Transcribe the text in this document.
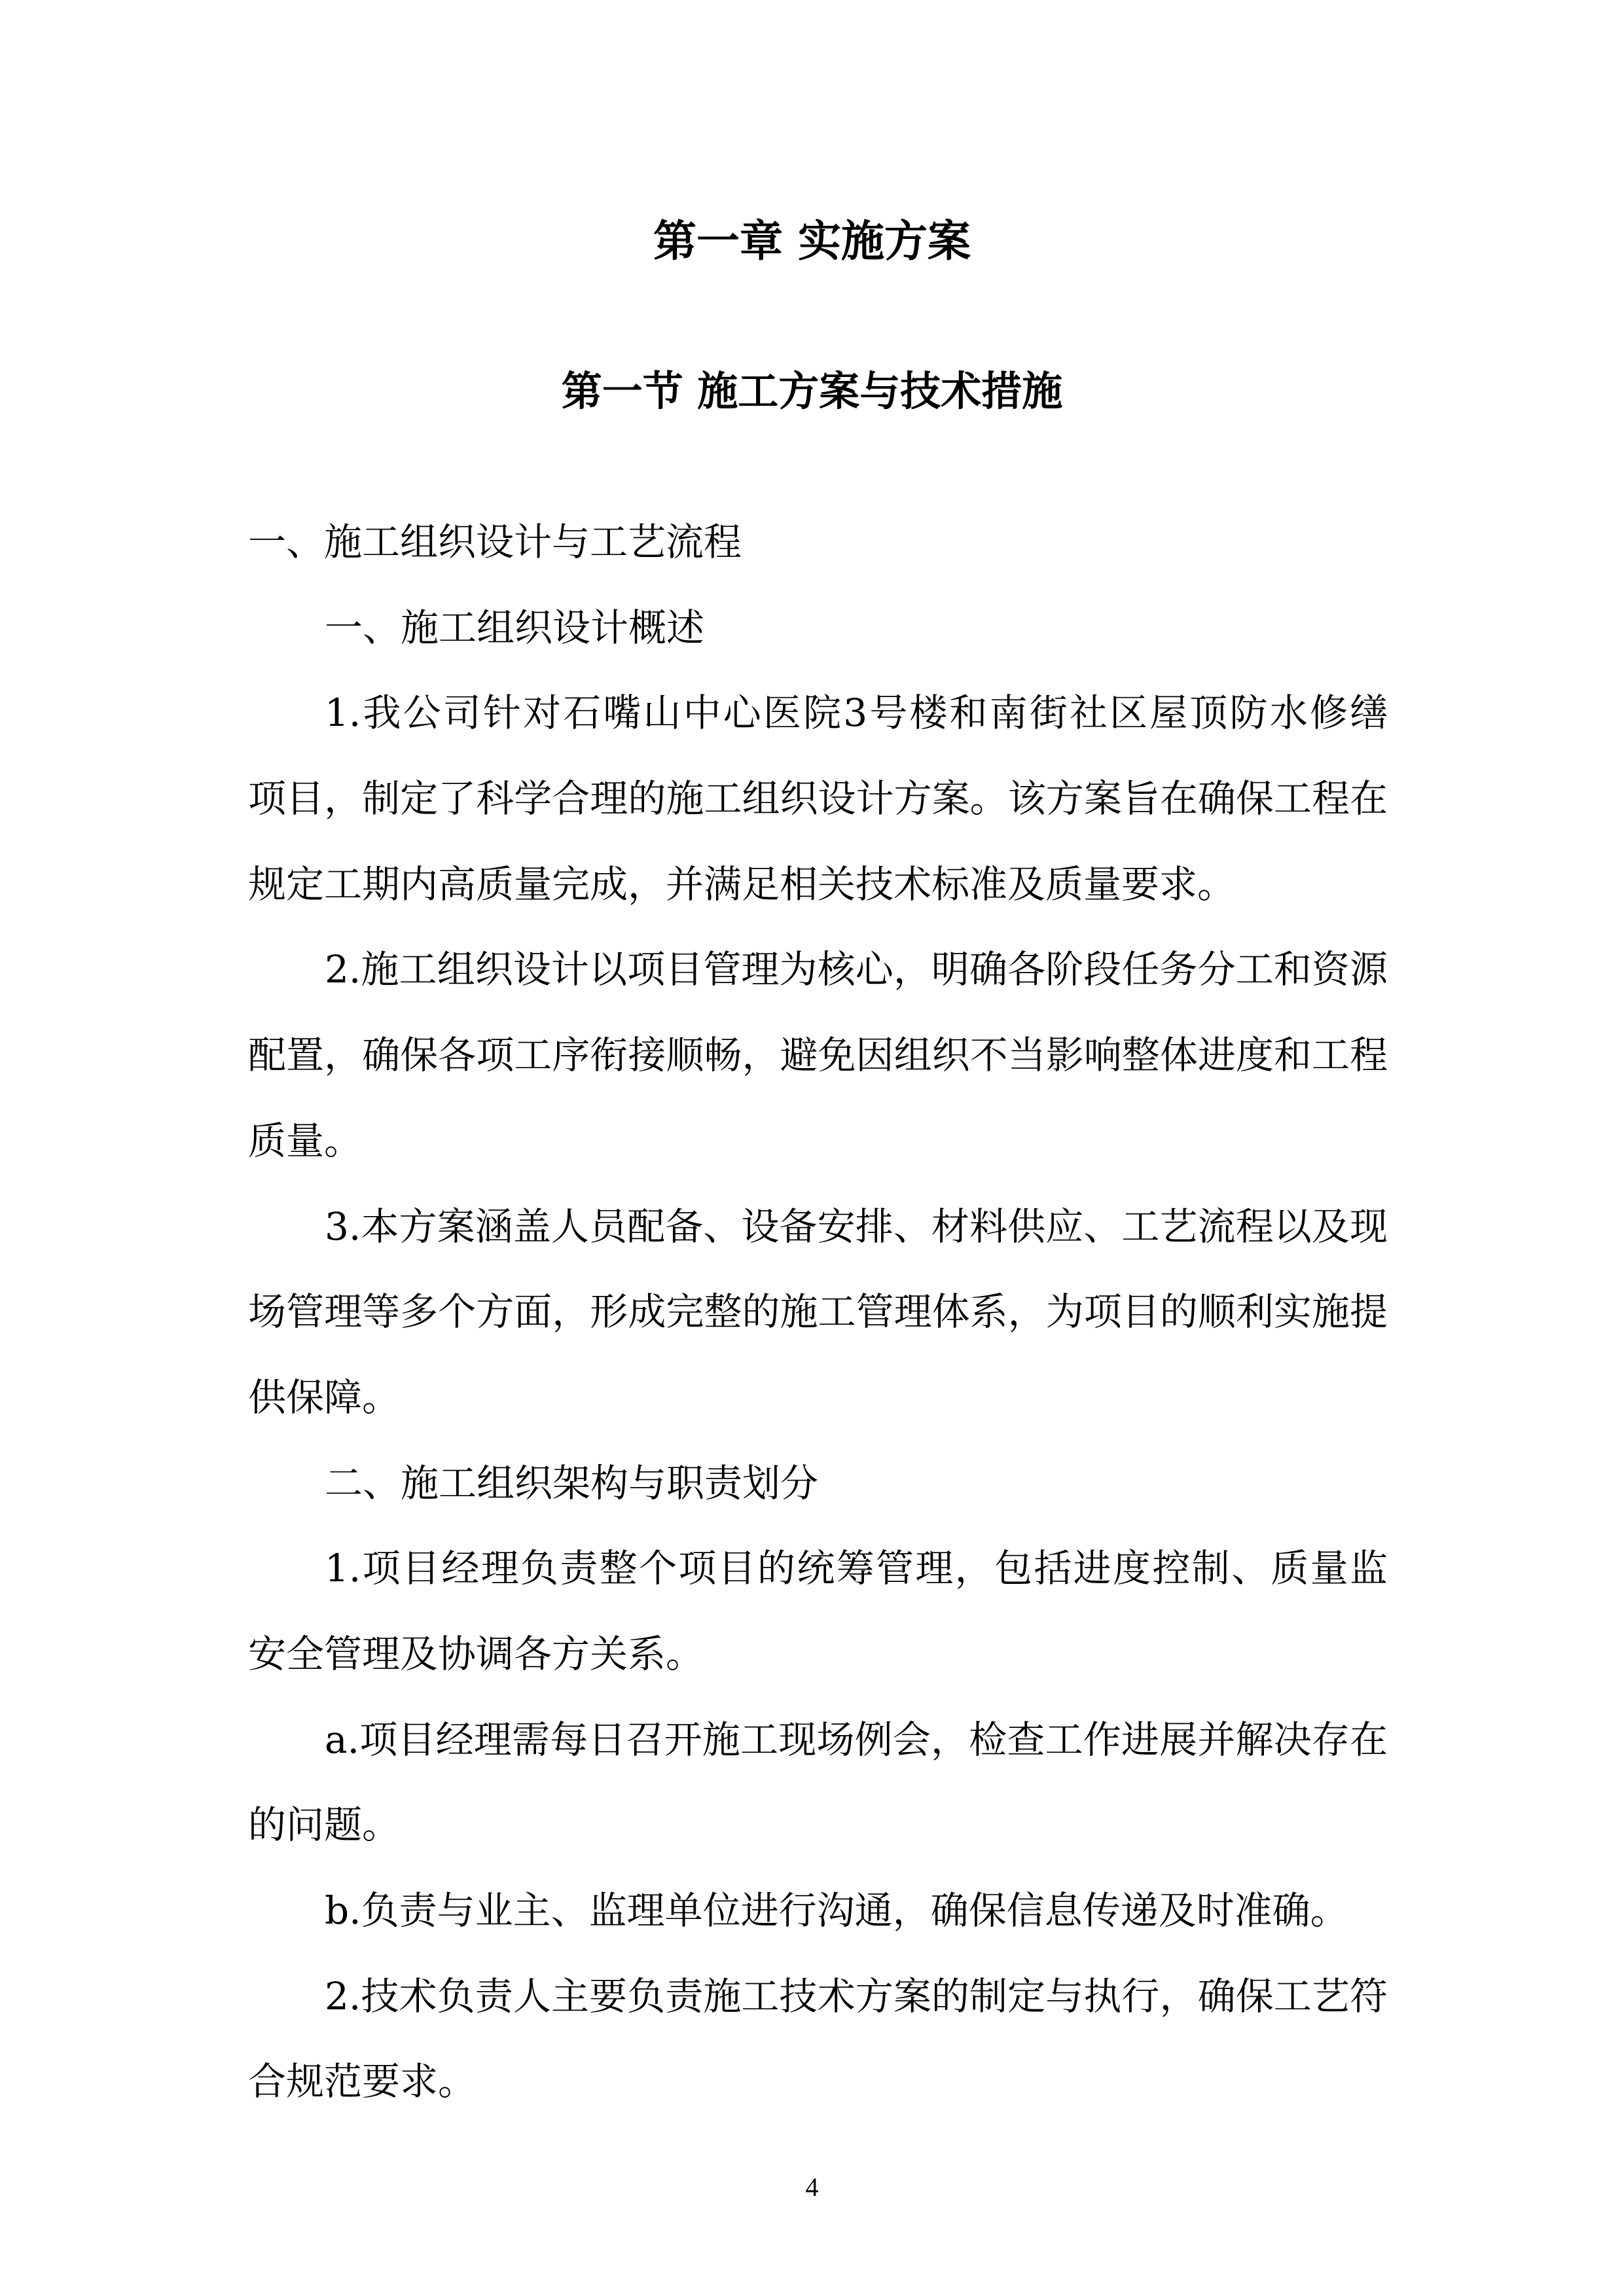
第一章 实施方案
第一节 施工方案与技术措施
一、施工组织设计与工艺流程
一、施工组织设计概述
1.我公司针对石嘴山中心医院3号楼和南街社区屋顶防水修缮
项目，制定了科学合理的施工组织设计方案。该方案旨在确保工程在
规定工期内高质量完成，并满足相关技术标准及质量要求。
2.施工组织设计以项目管理为核心，明确各阶段任务分工和资源
配置，确保各项工序衔接顺畅，避免因组织不当影响整体进度和工程
质量。
3.本方案涵盖人员配备、设备安排、材料供应、工艺流程以及现
场管理等多个方面，形成完整的施工管理体系，为项目的顺利实施提
供保障。
二、施工组织架构与职责划分
1.项目经理负责整个项目的统筹管理，包括进度控制、质量监
安全管理及协调各方关系。
a.项目经理需每日召开施工现场例会，检查工作进展并解决存在
的问题。
b.负责与业主、监理单位进行沟通，确保信息传递及时准确。
2.技术负责人主要负责施工技术方案的制定与执行，确保工艺符
合规范要求。
4
